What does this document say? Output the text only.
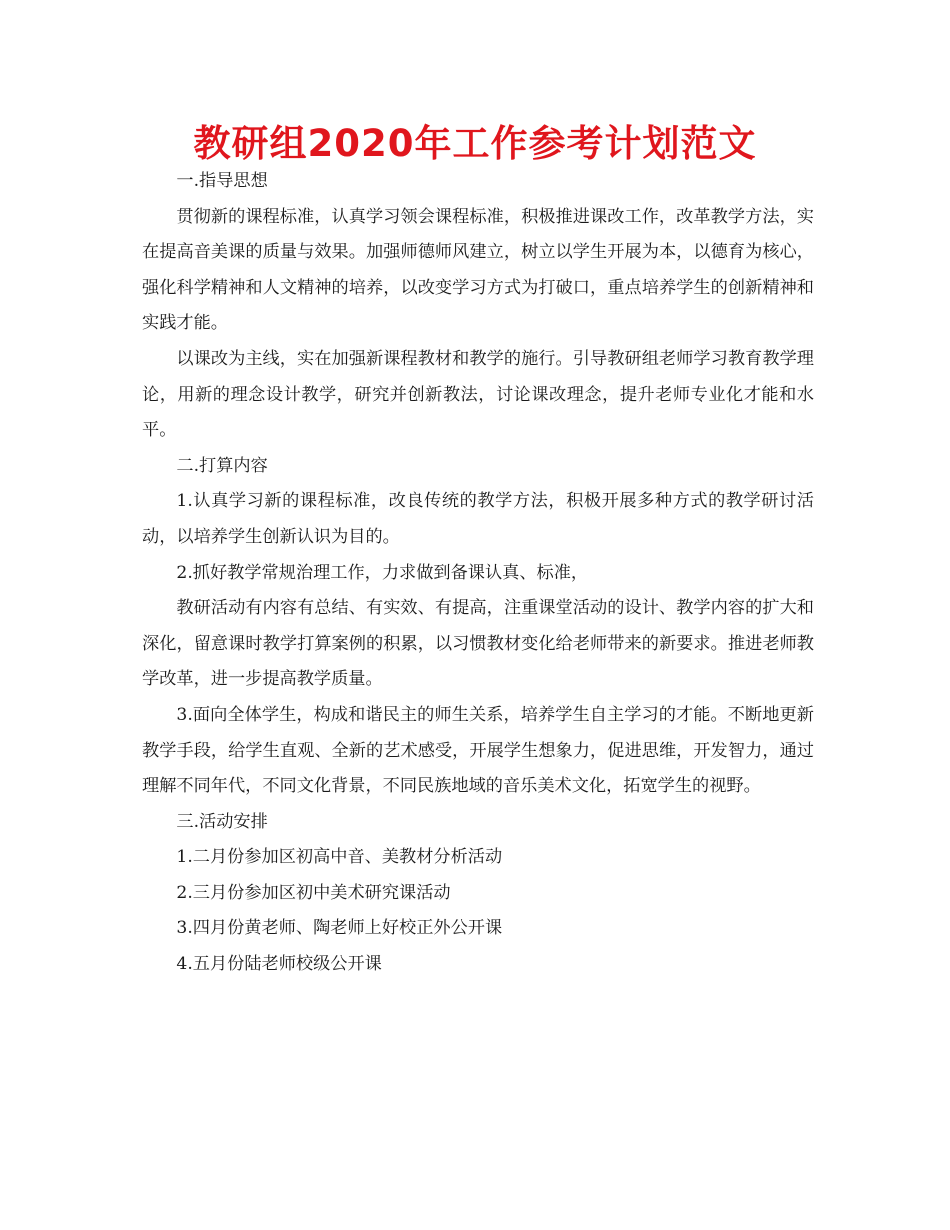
教研组2020年工作参考计划范文

一.指导思想

贯彻新的课程标准，认真学习领会课程标准，积极推进课改工作，改革教学方法，实在提高音美课的质量与效果。加强师德师风建立，树立以学生开展为本，以德育为核心，强化科学精神和人文精神的培养，以改变学习方式为打破口，重点培养学生的创新精神和实践才能。

以课改为主线，实在加强新课程教材和教学的施行。引导教研组老师学习教育教学理论，用新的理念设计教学，研究并创新教法，讨论课改理念，提升老师专业化才能和水平。

二.打算内容

1.认真学习新的课程标准，改良传统的教学方法，积极开展多种方式的教学研讨活动，以培养学生创新认识为目的。

2.抓好教学常规治理工作，力求做到备课认真、标准，

教研活动有内容有总结、有实效、有提高，注重课堂活动的设计、教学内容的扩大和深化，留意课时教学打算案例的积累，以习惯教材变化给老师带来的新要求。推进老师教学改革，进一步提高教学质量。

3.面向全体学生，构成和谐民主的师生关系，培养学生自主学习的才能。不断地更新教学手段，给学生直观、全新的艺术感受，开展学生想象力，促进思维，开发智力，通过理解不同年代，不同文化背景，不同民族地域的音乐美术文化，拓宽学生的视野。

三.活动安排

1.二月份参加区初高中音、美教材分析活动

2.三月份参加区初中美术研究课活动

3.四月份黄老师、陶老师上好校正外公开课

4.五月份陆老师校级公开课
